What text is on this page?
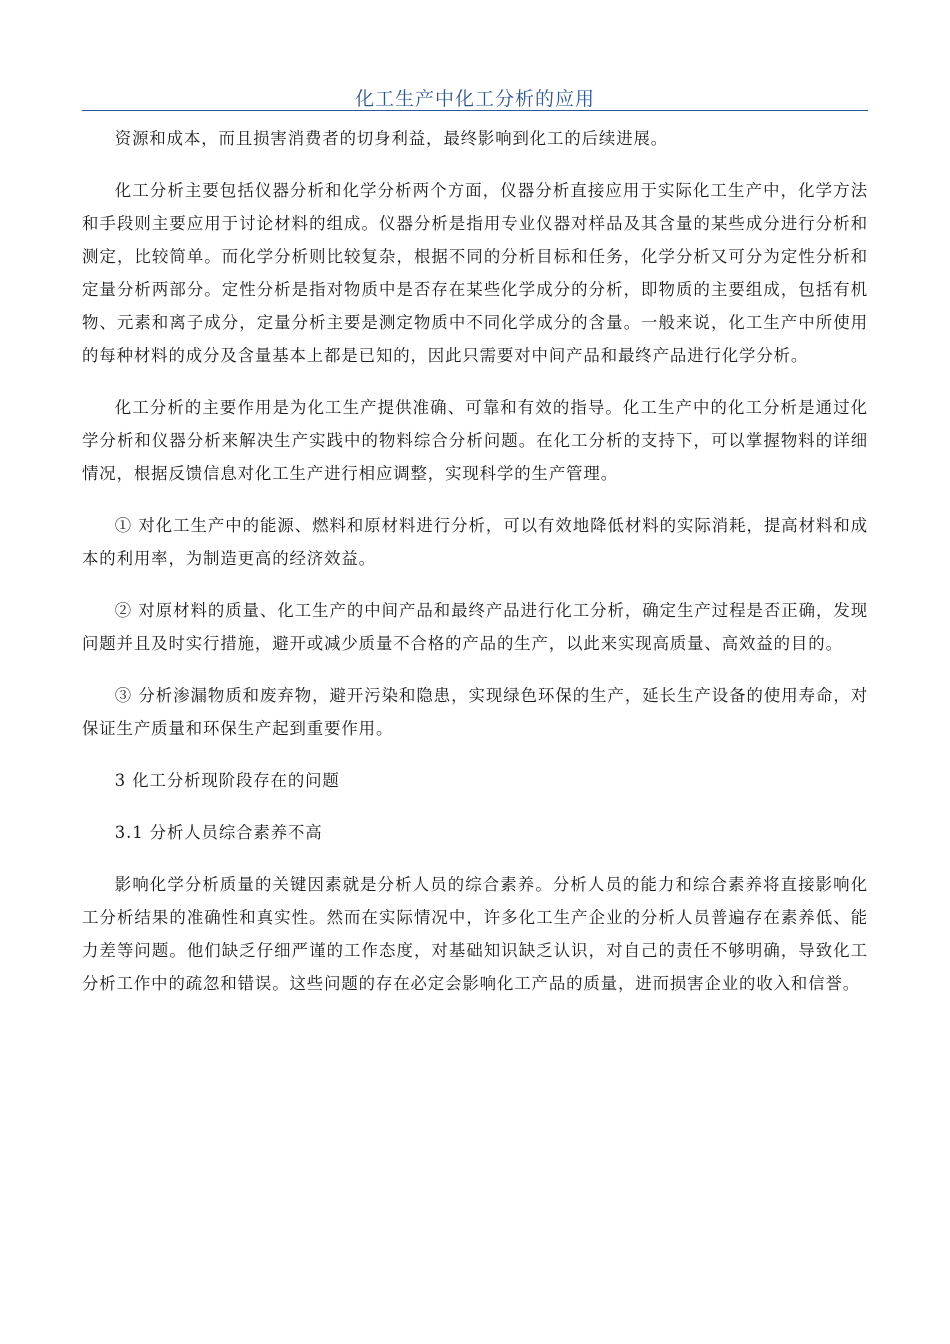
化工生产中化工分析的应用

资源和成本，而且损害消费者的切身利益，最终影响到化工的后续进展。

化工分析主要包括仪器分析和化学分析两个方面，仪器分析直接应用于实际化工生产中，化学方法和手段则主要应用于讨论材料的组成。仪器分析是指用专业仪器对样品及其含量的某些成分进行分析和测定，比较简单。而化学分析则比较复杂，根据不同的分析目标和任务，化学分析又可分为定性分析和定量分析两部分。定性分析是指对物质中是否存在某些化学成分的分析，即物质的主要组成，包括有机物、元素和离子成分，定量分析主要是测定物质中不同化学成分的含量。一般来说，化工生产中所使用的每种材料的成分及含量基本上都是已知的，因此只需要对中间产品和最终产品进行化学分析。

化工分析的主要作用是为化工生产提供准确、可靠和有效的指导。化工生产中的化工分析是通过化学分析和仪器分析来解决生产实践中的物料综合分析问题。在化工分析的支持下，可以掌握物料的详细情况，根据反馈信息对化工生产进行相应调整，实现科学的生产管理。

① 对化工生产中的能源、燃料和原材料进行分析，可以有效地降低材料的实际消耗，提高材料和成本的利用率，为制造更高的经济效益。

② 对原材料的质量、化工生产的中间产品和最终产品进行化工分析，确定生产过程是否正确，发现问题并且及时实行措施，避开或减少质量不合格的产品的生产，以此来实现高质量、高效益的目的。

③ 分析渗漏物质和废弃物，避开污染和隐患，实现绿色环保的生产，延长生产设备的使用寿命，对保证生产质量和环保生产起到重要作用。

3 化工分析现阶段存在的问题

3.1 分析人员综合素养不高

影响化学分析质量的关键因素就是分析人员的综合素养。分析人员的能力和综合素养将直接影响化工分析结果的准确性和真实性。然而在实际情况中，许多化工生产企业的分析人员普遍存在素养低、能力差等问题。他们缺乏仔细严谨的工作态度，对基础知识缺乏认识，对自己的责任不够明确，导致化工分析工作中的疏忽和错误。这些问题的存在必定会影响化工产品的质量，进而损害企业的收入和信誉。
